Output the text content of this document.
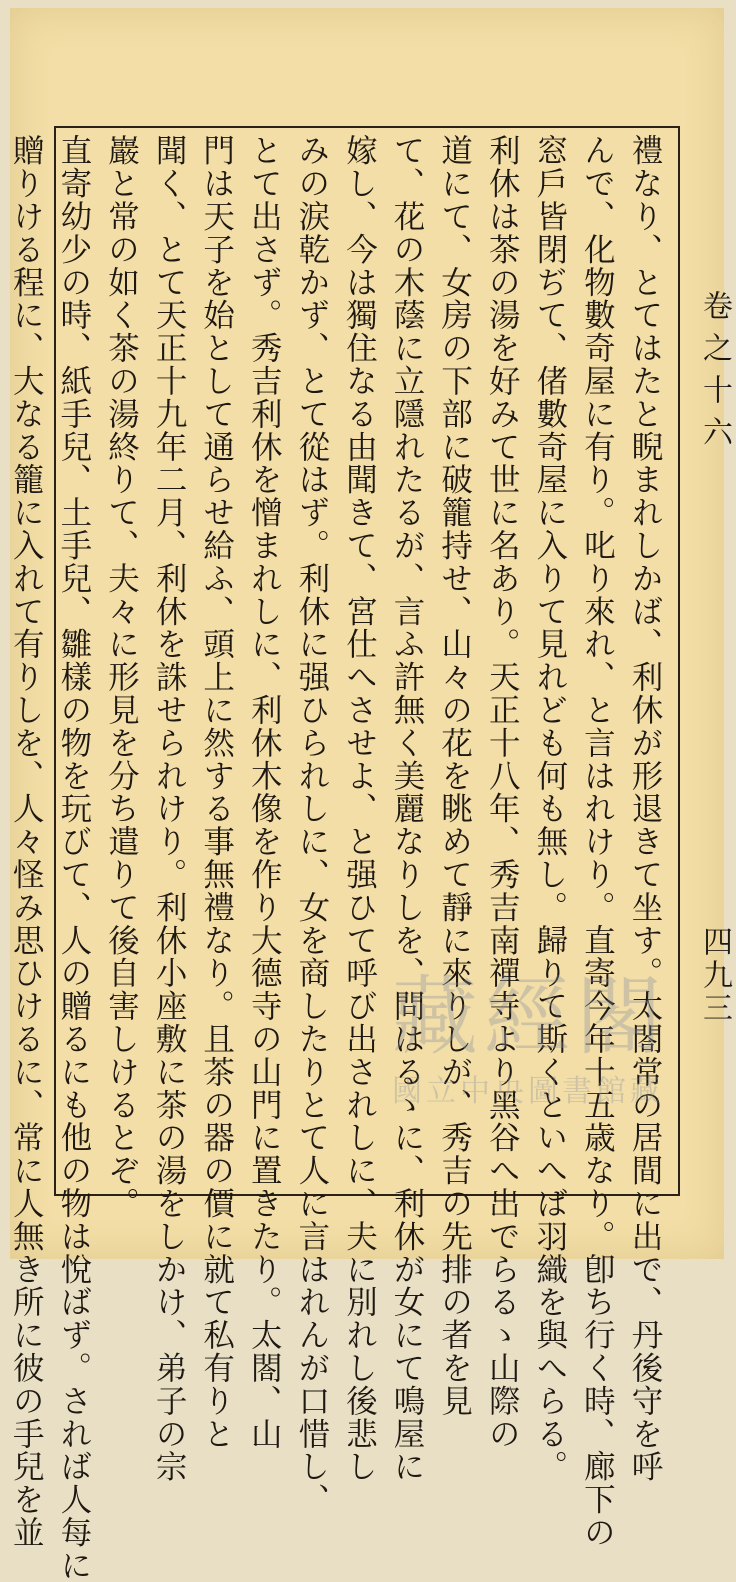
禮なり、とてはたと睨まれしかば、利休が形退きて坐す。太閤常の居間に出で、丹後守を呼

んで、化物數奇屋に有り。叱り來れ、と言はれけり。直寄今年十五歳なり。卽ち行く時、廊下の

窓戶皆閉ぢて、偖數奇屋に入りて見れども何も無し。歸りて斯くといへば羽織を與へらる。

利休は茶の湯を好みて世に名あり。天正十八年、秀吉南禪寺より黑谷へ出でらるゝ山際の

道にて、女房の下部に破籠持せ、山々の花を眺めて靜に來りしが、秀吉の先排の者を見

て、花の木蔭に立隱れたるが、言ふ許無く美麗なりしを、問はるゝに、利休が女にて鳴屋に

嫁し、今は獨住なる由聞きて、宮仕へさせよ、と强ひて呼び出されしに、夫に別れし後悲し

みの涙乾かず、とて從はず。利休に强ひられしに、女を商したりとて人に言はれんが口惜し、

とて出さず。秀吉利休を憎まれしに、利休木像を作り大德寺の山門に置きたり。太閤、山

門は天子を始として通らせ給ふ、頭上に然する事無禮なり。且茶の器の價に就て私有りと

聞く、とて天正十九年二月、利休を誅せられけり。利休小座敷に茶の湯をしかけ、弟子の宗

巖と常の如く茶の湯終りて、夫々に形見を分ち遣りて後自害しけるとぞ。

直寄幼少の時、紙手兒、土手兒、雛樣の物を玩びて、人の贈るにも他の物は悅ばず。されば人每に

贈りける程に、大なる籠に入れて有りしを、人々怪み思ひけるに、常に人無き所に彼の手兒を並	卷之十六
四九三
藏經閣
國立中央圖書館藏
